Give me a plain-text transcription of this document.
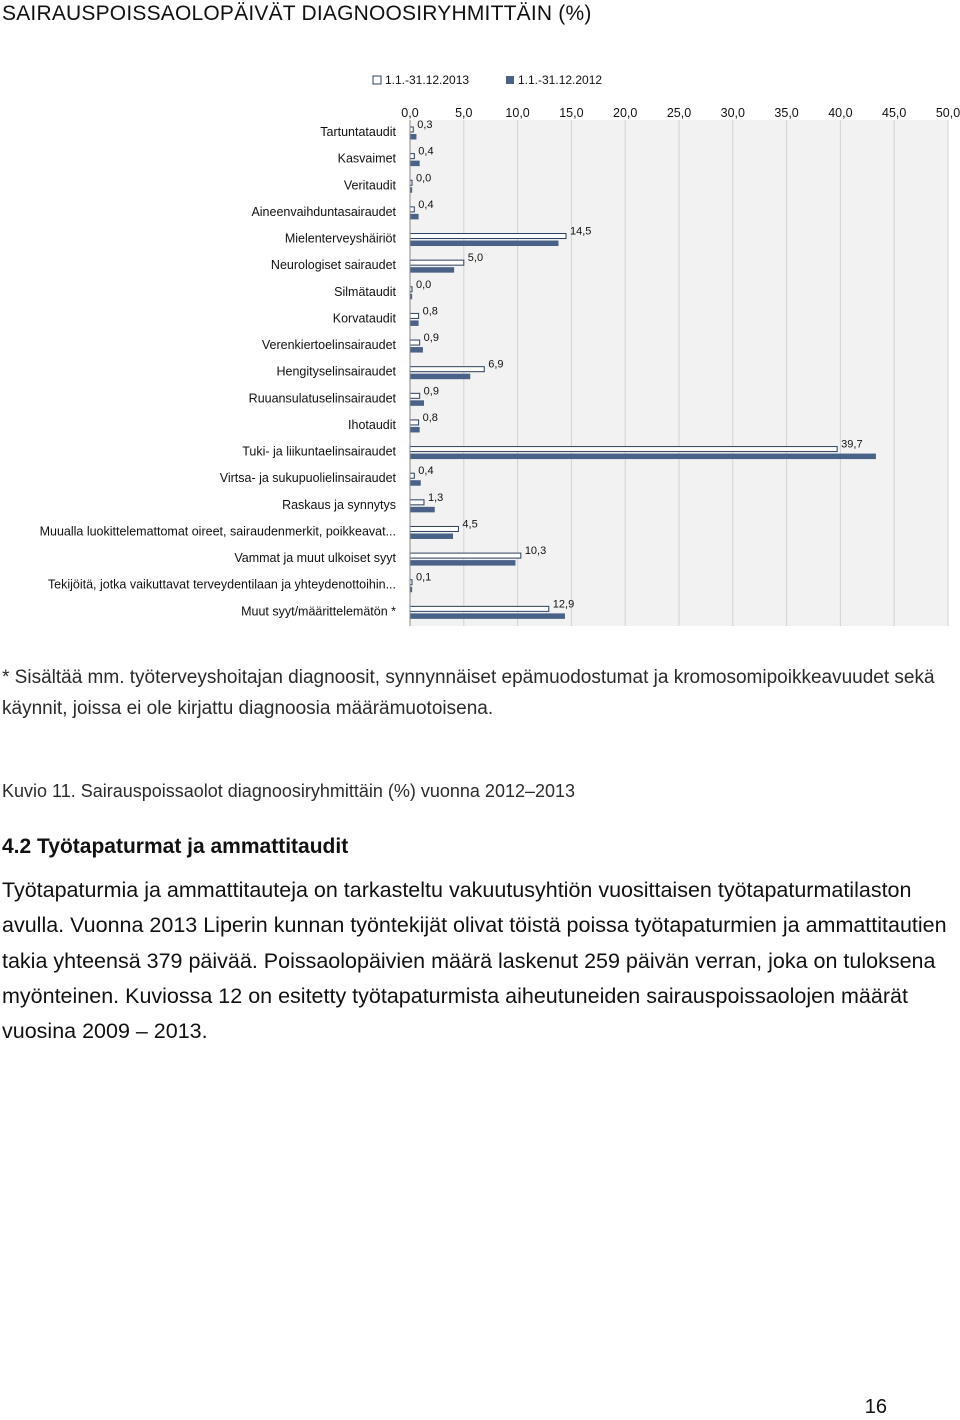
SAIRAUSPOISSAOLOPÄIVÄT DIAGNOOSIRYHMITTÄIN (%)
0,0	5,0	10,0 15,0 20,0 25,0 30,0 35,0 40,0 45,0 50,0
1.1.-31.12.2013	1.1.-31.12.2012
0,3
Tartuntataudit
0,4
Kasvaimet
0,0
Veritaudit
0,4
Aineenvaihduntasairaudet
14,5
Mielenterveyshäiriöt
5,0
Neurologiset sairaudet
0,0
Silmätaudit
0,8
Korvataudit
0,9
Verenkiertoelinsairaudet
6,9
Hengityselinsairaudet
0,9
Ruuansulatuselinsairaudet
0,8
Ihotaudit
39,7
Tuki- ja liikuntaelinsairaudet
0,4
Virtsa- ja sukupuolielinsairaudet
1,3
Raskaus ja synnytys
4,5
Muualla luokittelemattomat oireet, sairaudenmerkit, poikkeavat...
10,3
Vammat ja muut ulkoiset syyt
0,1
Tekijöitä, jotka vaikuttavat terveydentilaan ja yhteydenottoihin...
12,9
Muut syyt/määrittelemätön *
* Sisältää mm. työterveyshoitajan diagnoosit, synnynnäiset epämuodostumat ja kromosomipoikkeavuudet sekä käynnit, joissa ei ole kirjattu diagnoosia määrämuotoisena.
Kuvio 11. Sairauspoissaolot diagnoosiryhmittäin (%) vuonna 2012–2013
4.2 Työtapaturmat ja ammattitaudit
Työtapaturmia ja ammattitauteja on tarkasteltu vakuutusyhtiön vuosittaisen työtapaturmatilaston avulla. Vuonna 2013 Liperin kunnan työntekijät olivat töistä poissa työtapaturmien ja ammattitautien takia yhteensä 379 päivää. Poissaolopäivien määrä laskenut 259 päivän verran, joka on tuloksena myönteinen. Kuviossa 12 on esitetty työtapaturmista aiheutuneiden sairauspoissaolojen määrät vuosina 2009 – 2013.
16
